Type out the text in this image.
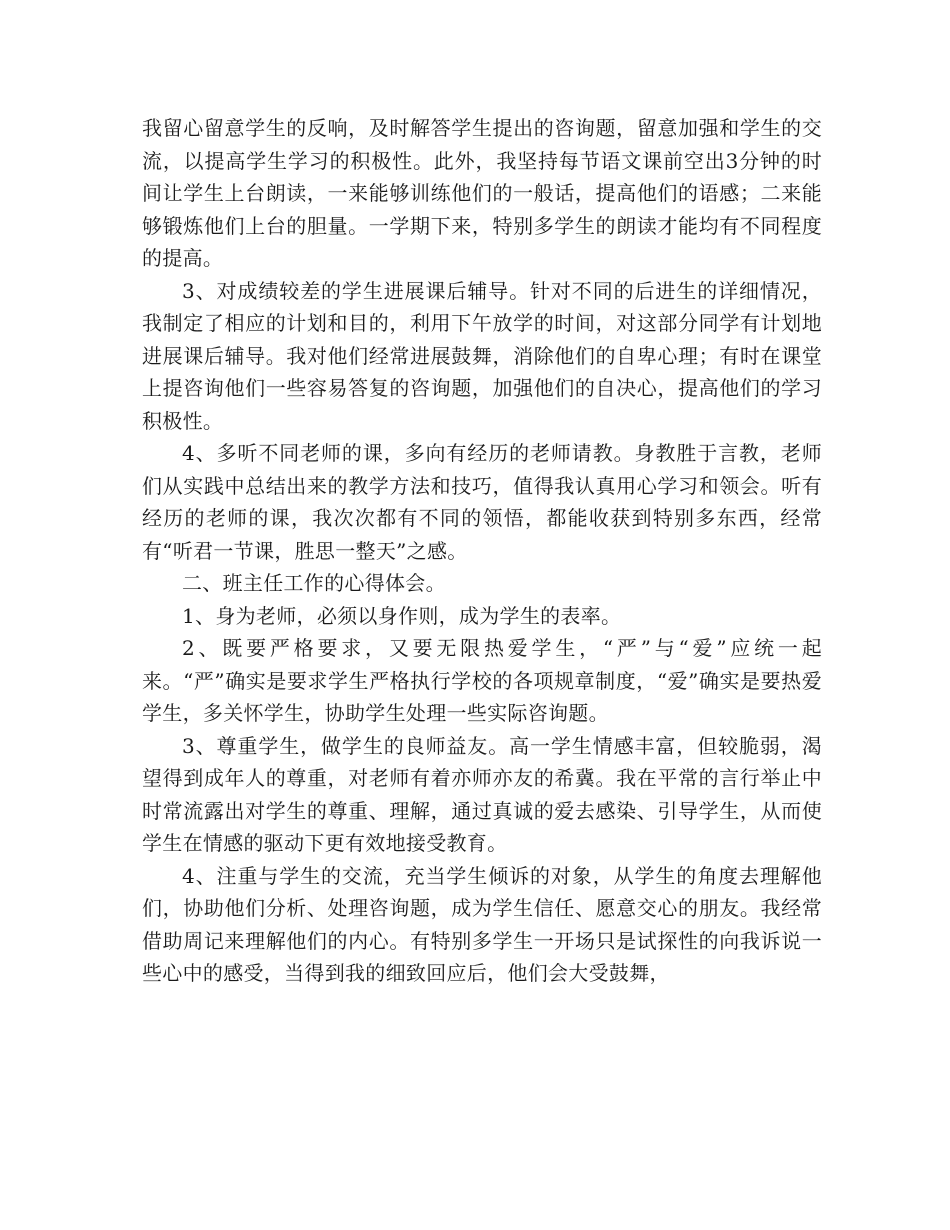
我留心留意学生的反响，及时解答学生提出的咨询题，留意加强和学生的交流，以提高学生学习的积极性。此外，我坚持每节语文课前空出3分钟的时间让学生上台朗读，一来能够训练他们的一般话，提高他们的语感；二来能够锻炼他们上台的胆量。一学期下来，特别多学生的朗读才能均有不同程度的提高。

3、对成绩较差的学生进展课后辅导。针对不同的后进生的详细情况，我制定了相应的计划和目的，利用下午放学的时间，对这部分同学有计划地进展课后辅导。我对他们经常进展鼓舞，消除他们的自卑心理；有时在课堂上提咨询他们一些容易答复的咨询题，加强他们的自决心，提高他们的学习积极性。

4、多听不同老师的课，多向有经历的老师请教。身教胜于言教，老师们从实践中总结出来的教学方法和技巧，值得我认真用心学习和领会。听有经历的老师的课，我次次都有不同的领悟，都能收获到特别多东西，经常有“听君一节课，胜思一整天”之感。

二、班主任工作的心得体会。

1、身为老师，必须以身作则，成为学生的表率。

2、既要严格要求，又要无限热爱学生，“严”与“爱”应统一起来。“严”确实是要求学生严格执行学校的各项规章制度，“爱”确实是要热爱学生，多关怀学生，协助学生处理一些实际咨询题。

3、尊重学生，做学生的良师益友。高一学生情感丰富，但较脆弱，渴望得到成年人的尊重，对老师有着亦师亦友的希冀。我在平常的言行举止中时常流露出对学生的尊重、理解，通过真诚的爱去感染、引导学生，从而使学生在情感的驱动下更有效地接受教育。

4、注重与学生的交流，充当学生倾诉的对象，从学生的角度去理解他们，协助他们分析、处理咨询题，成为学生信任、愿意交心的朋友。我经常借助周记来理解他们的内心。有特别多学生一开场只是试探性的向我诉说一些心中的感受，当得到我的细致回应后，他们会大受鼓舞，
